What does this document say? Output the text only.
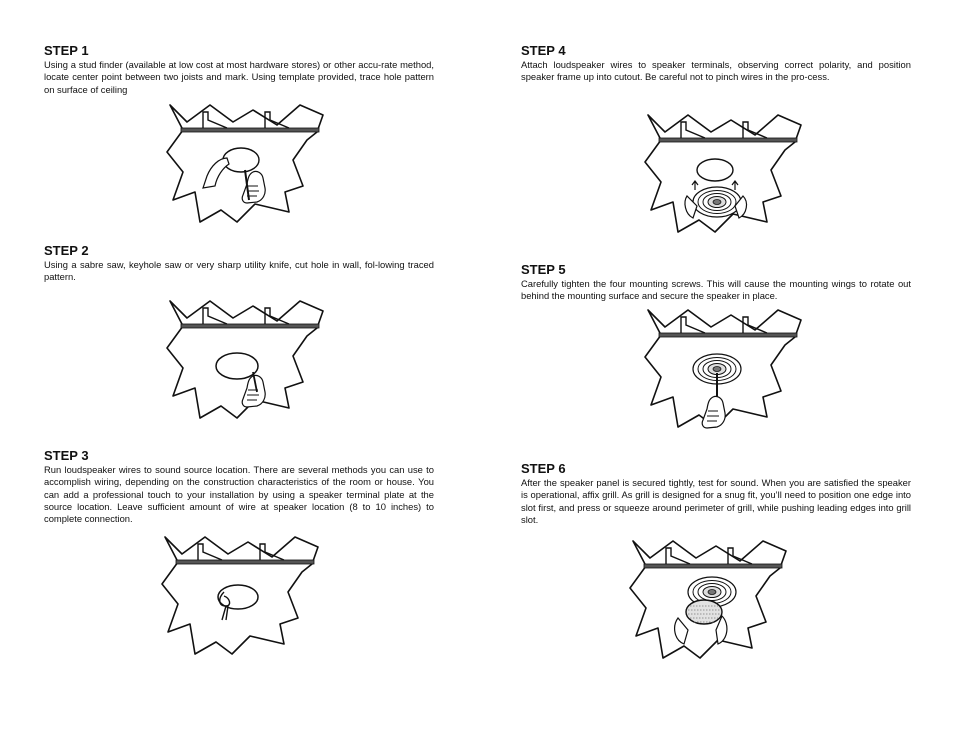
STEP 1

Using a stud finder (available at low cost at most hardware stores) or other accu-rate method, locate center point between two joists and mark. Using template provided, trace hole pattern on surface of ceiling

STEP 2

Using a sabre saw, keyhole saw or very sharp utility knife, cut hole in wall, fol-lowing traced pattern.

STEP 3

Run loudspeaker wires to sound source location. There are several methods you can use to accomplish wiring, depending on the construction characteristics of the room or house. You can add a professional touch to your installation by using a speaker terminal plate at the source location. Leave sufficient amount of wire at speaker location (8 to 10 inches) to complete connection.

STEP 4

Attach loudspeaker wires to speaker terminals, observing correct polarity, and position speaker frame up into cutout. Be careful not to pinch wires in the pro-cess.

STEP 5

Carefully tighten the four mounting screws. This will cause the mounting wings to rotate out behind the mounting surface and secure the speaker in place.

STEP 6

After the speaker panel is secured tightly, test for sound. When you are satisfied the speaker is operational, affix grill. As grill is designed for a snug fit, you’ll need to position one edge into slot first, and press or squeeze around perimeter of grill, while pushing leading edges into grill slot.
